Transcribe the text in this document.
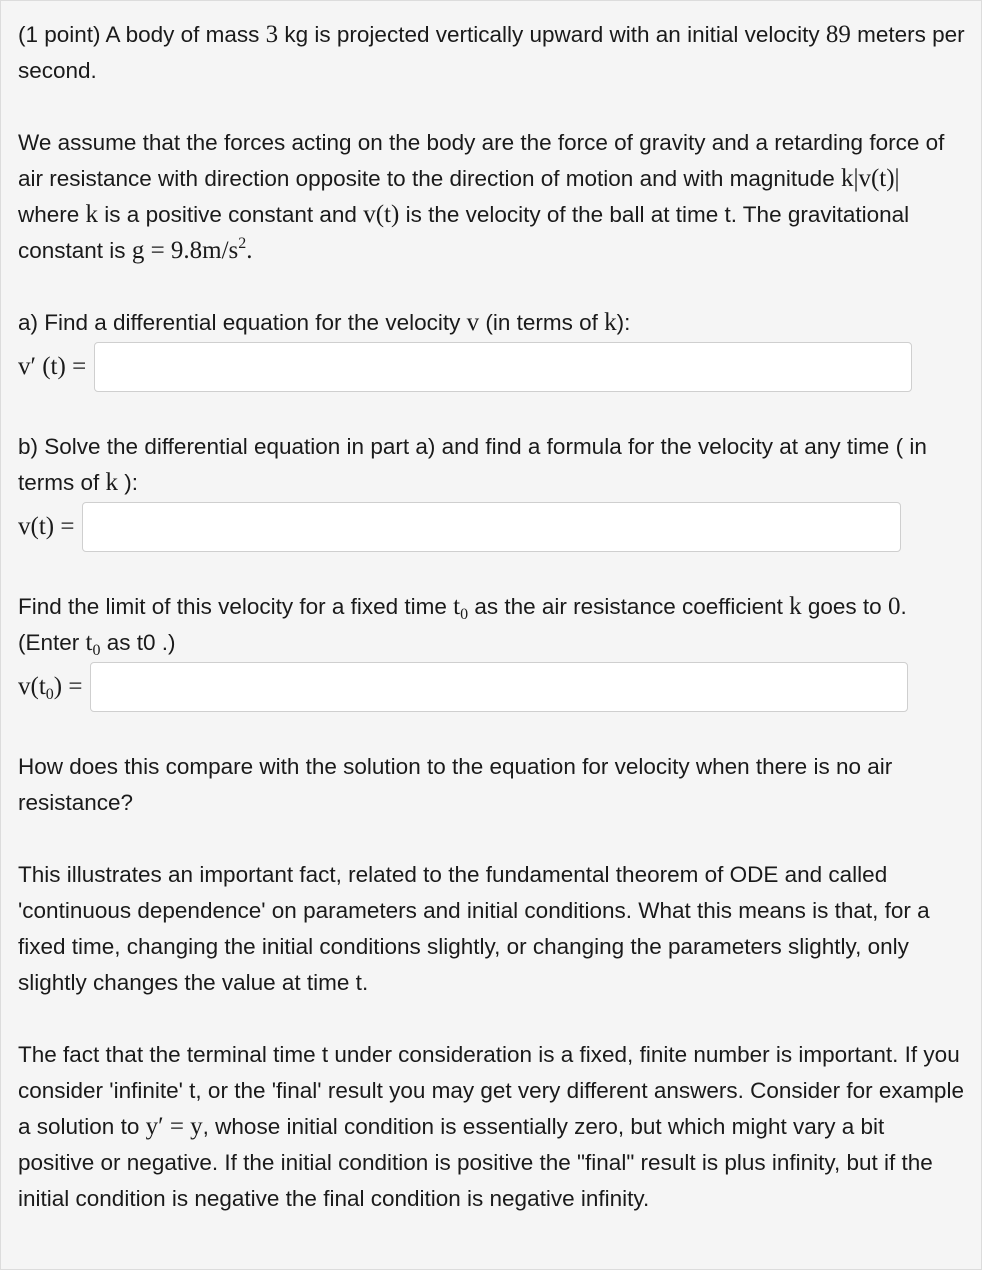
(1 point) A body of mass 3 kg is projected vertically upward with an initial velocity 89 meters per second.

We assume that the forces acting on the body are the force of gravity and a retarding force of air resistance with direction opposite to the direction of motion and with magnitude k|v(t)| where k is a positive constant and v(t) is the velocity of the ball at time t. The gravitational constant is $g = 9.8m/s^2$.

a) Find a differential equation for the velocity v (in terms of k):

v′ (t) =

b) Solve the differential equation in part a) and find a formula for the velocity at any time ( in terms of k ):

v(t) =

Find the limit of this velocity for a fixed time $t_0$ as the air resistance coefficient k goes to 0. (Enter $t_0$ as t0 .)

$v(t_0)$ =

How does this compare with the solution to the equation for velocity when there is no air resistance?

This illustrates an important fact, related to the fundamental theorem of ODE and called 'continuous dependence' on parameters and initial conditions. What this means is that, for a fixed time, changing the initial conditions slightly, or changing the parameters slightly, only slightly changes the value at time t.

The fact that the terminal time t under consideration is a fixed, finite number is important. If you consider 'infinite' t, or the 'final' result you may get very different answers. Consider for example a solution to y′ = y, whose initial condition is essentially zero, but which might vary a bit positive or negative. If the initial condition is positive the "final" result is plus infinity, but if the initial condition is negative the final condition is negative infinity.
